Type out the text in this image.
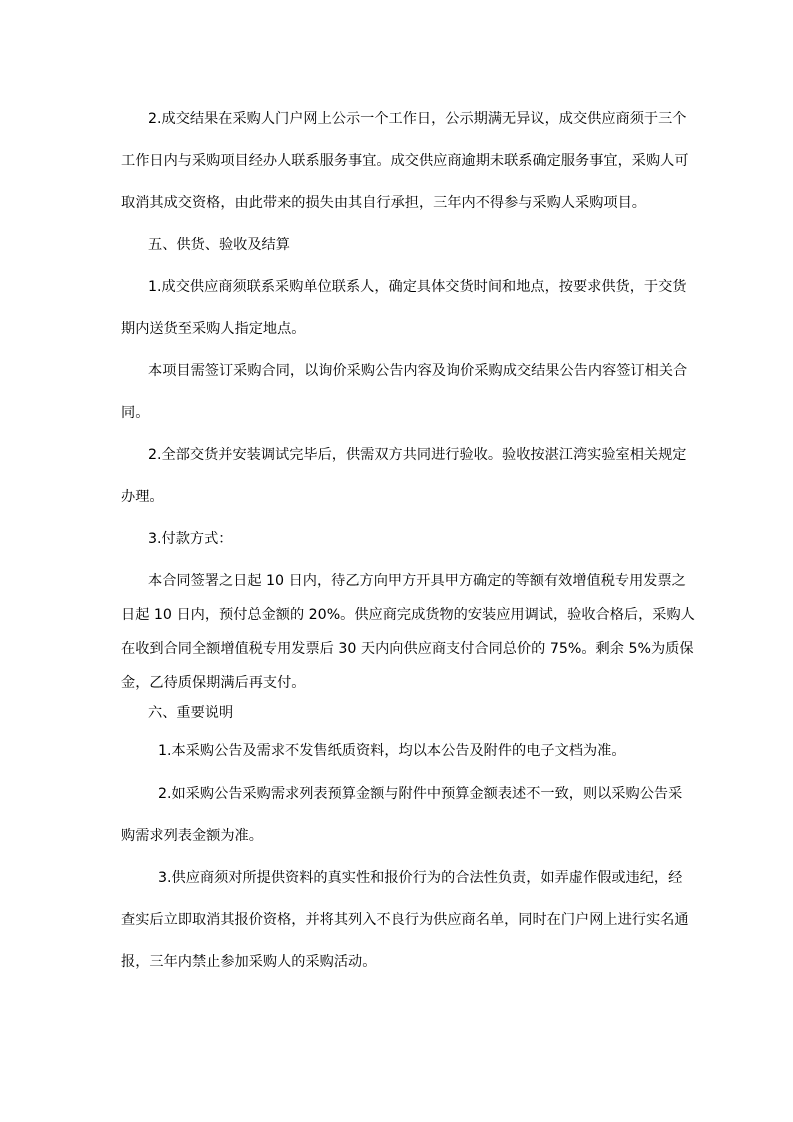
2.成交结果在采购人门户网上公示一个工作日，公示期满无异议，成交供应商须于三个

工作日内与采购项目经办人联系服务事宜。成交供应商逾期未联系确定服务事宜，采购人可

取消其成交资格，由此带来的损失由其自行承担，三年内不得参与采购人采购项目。

五、供货、验收及结算

1.成交供应商须联系采购单位联系人，确定具体交货时间和地点，按要求供货，于交货

期内送货至采购人指定地点。

本项目需签订采购合同，以询价采购公告内容及询价采购成交结果公告内容签订相关合

同。

2.全部交货并安装调试完毕后，供需双方共同进行验收。验收按湛江湾实验室相关规定

办理。

3.付款方式：

本合同签署之日起 10 日内，待乙方向甲方开具甲方确定的等额有效增值税专用发票之

日起 10 日内，预付总金额的 20%。供应商完成货物的安装应用调试，验收合格后，采购人

在收到合同全额增值税专用发票后 30 天内向供应商支付合同总价的 75%。剩余 5%为质保

金，乙待质保期满后再支付。

六、重要说明

1.本采购公告及需求不发售纸质资料，均以本公告及附件的电子文档为准。

2.如采购公告采购需求列表预算金额与附件中预算金额表述不一致，则以采购公告采

购需求列表金额为准。

3.供应商须对所提供资料的真实性和报价行为的合法性负责，如弄虚作假或违纪，经

查实后立即取消其报价资格，并将其列入不良行为供应商名单，同时在门户网上进行实名通

报，三年内禁止参加采购人的采购活动。
